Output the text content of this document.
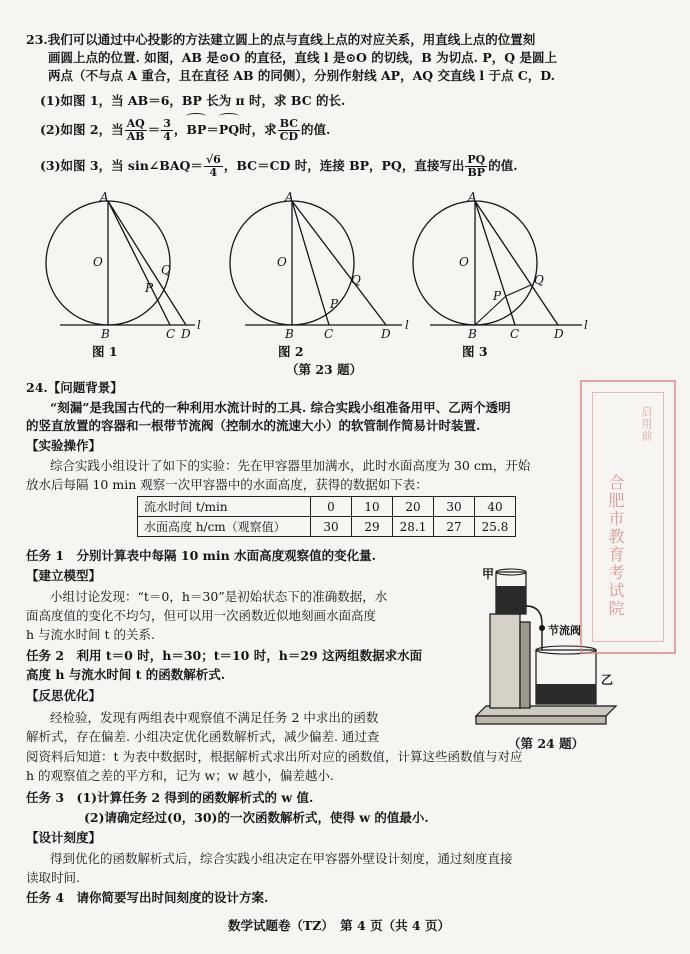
23.我们可以通过中心投影的方法建立圆上的点与直线上点的对应关系，用直线上点的位置刻
画圆上点的位置. 如图，AB 是⊙O 的直径，直线 l 是⊙O 的切线，B 为切点. P，Q 是圆上
两点（不与点 A 重合，且在直径 AB 的同侧），分别作射线 AP，AQ 交直线 l 于点 C，D.
(1)如图 1，当 AB＝6，BP 长为 π 时，求 BC 的长.
(2)如图 2，当 $\frac{AQ}{AB} = \frac{3}{4}$ ，BP＝PQ时，求 $\frac{BC}{CD}$ 的值.
(3)如图 3，当 sin∠BAQ＝ $\frac{√6}{4}$ ，BC＝CD 时，连接 BP，PQ，直接写出 $\frac{PQ}{BP}$ 的值.
A
O
B
P
Q
C D
l
A
O
B
P
Q
C	D
l
A
O
B
P
Q
C	D
l
图 1	图 2	图 3
（第 23 题）
24.【问题背景】
“刻漏”是我国古代的一种利用水流计时的工具. 综合实践小组准备用甲、乙两个透明
的竖直放置的容器和一根带节流阀（控制水的流速大小）的软管制作简易计时装置.
【实验操作】
综合实践小组设计了如下的实验：先在甲容器里加满水，此时水面高度为 30 cm，开始
放水后每隔 10 min 观察一次甲容器中的水面高度，获得的数据如下表：
流水时间 t/min	0	10	20	30	40
水面高度 h/cm（观察值）	30	29	28.1	27	25.8
任务 1　分别计算表中每隔 10 min 水面高度观察值的变化量.
【建立模型】
小组讨论发现：“t＝0，h＝30”是初始状态下的准确数据，水
面高度值的变化不均匀，但可以用一次函数近似地刻画水面高度
h 与流水时间 t 的关系.
任务 2　利用 t＝0 时，h＝30；t＝10 时，h＝29 这两组数据求水面
高度 h 与流水时间 t 的函数解析式.
【反思优化】
经检验，发现有两组表中观察值不满足任务 2 中求出的函数
解析式，存在偏差. 小组决定优化函数解析式，减少偏差. 通过查
阅资料后知道：t 为表中数据时，根据解析式求出所对应的函数值，计算这些函数值与对应
h 的观察值之差的平方和，记为 w；w 越小，偏差越小.
任务 3　(1)计算任务 2 得到的函数解析式的 w 值.
(2)请确定经过(0，30)的一次函数解析式，使得 w 的值最小.
【设计刻度】
得到优化的函数解析式后，综合实践小组决定在甲容器外壁设计刻度，通过刻度直接
读取时间.
任务 4　请你简要写出时间刻度的设计方案.
甲
节流阀
乙
（第 24 题）
启用前
合肥市教育考试院
数学试题卷（TZ）　第 4 页（共 4 页）
